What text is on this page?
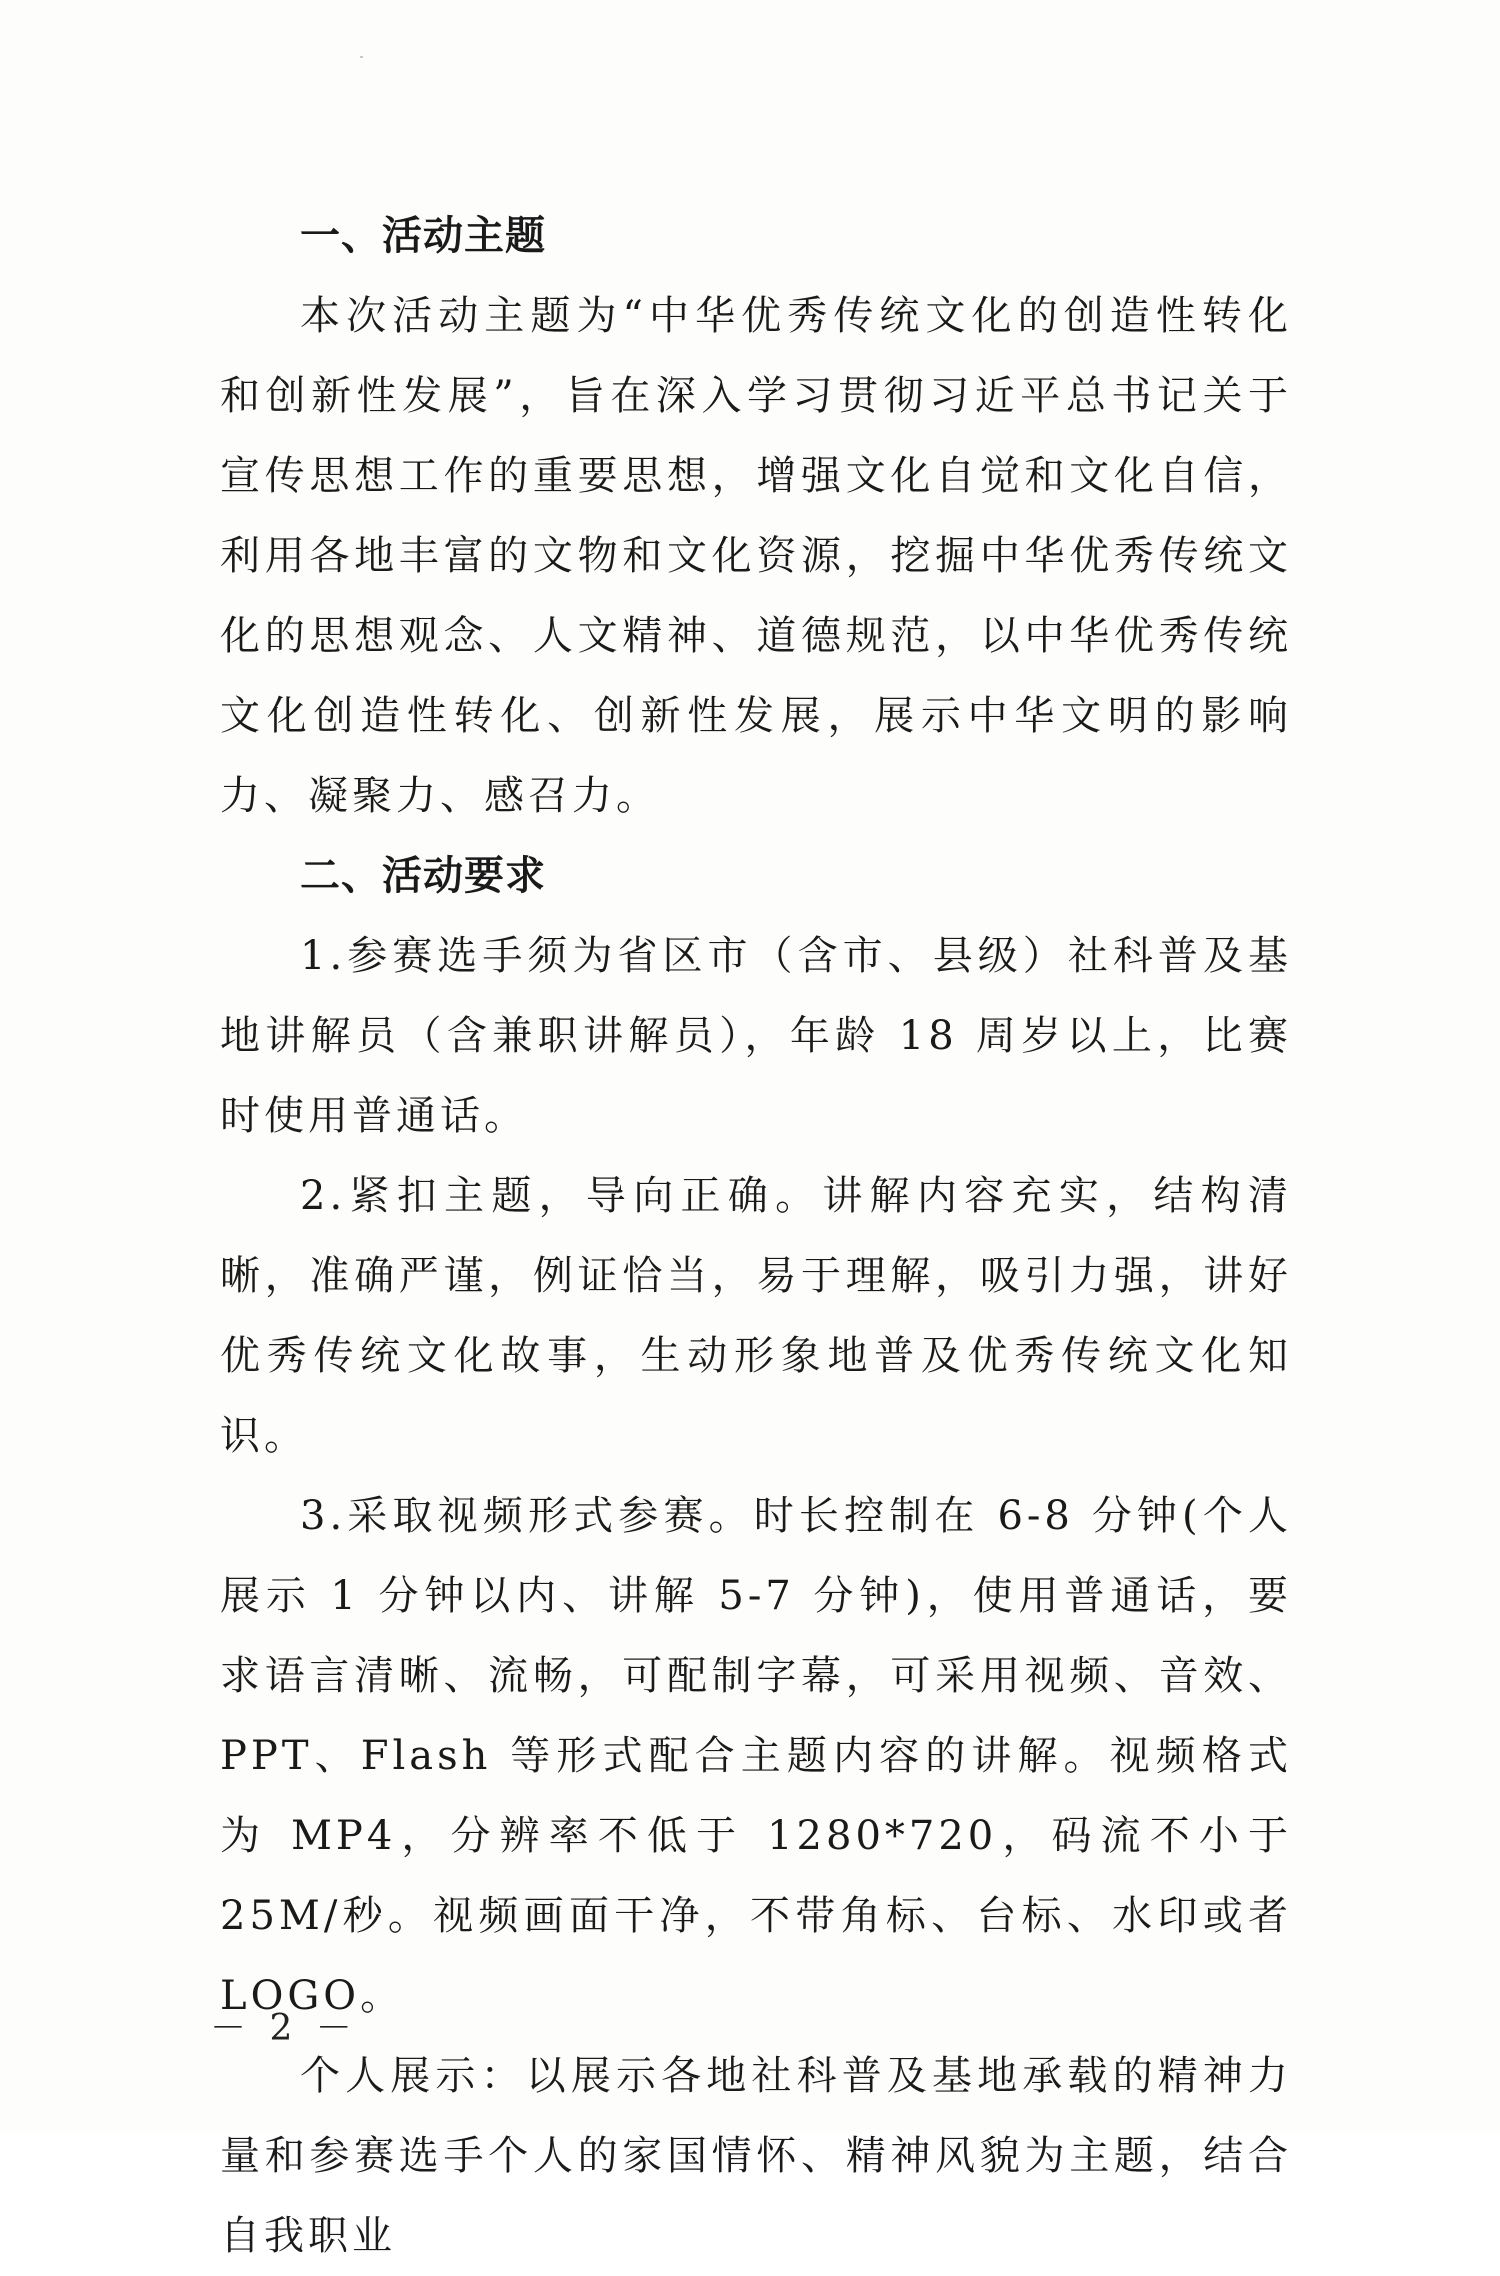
一、活动主题

本次活动主题为“中华优秀传统文化的创造性转化和创新性发展”，旨在深入学习贯彻习近平总书记关于宣传思想工作的重要思想，增强文化自觉和文化自信，利用各地丰富的文物和文化资源，挖掘中华优秀传统文化的思想观念、人文精神、道德规范，以中华优秀传统文化创造性转化、创新性发展，展示中华文明的影响力、凝聚力、感召力。

二、活动要求

1.参赛选手须为省区市（含市、县级）社科普及基地讲解员（含兼职讲解员），年龄 18 周岁以上，比赛时使用普通话。

2.紧扣主题，导向正确。讲解内容充实，结构清晰，准确严谨，例证恰当，易于理解，吸引力强，讲好优秀传统文化故事，生动形象地普及优秀传统文化知识。

3.采取视频形式参赛。时长控制在 6-8 分钟(个人展示 1 分钟以内、讲解 5-7 分钟)，使用普通话，要求语言清晰、流畅，可配制字幕，可采用视频、音效、PPT、Flash 等形式配合主题内容的讲解。视频格式为 MP4，分辨率不低于 1280*720，码流不小于 25M/秒。视频画面干净，不带角标、台标、水印或者 LOGO。

个人展示：以展示各地社科普及基地承载的精神力量和参赛选手个人的家国情怀、精神风貌为主题，结合自我职业

－ 2 －
